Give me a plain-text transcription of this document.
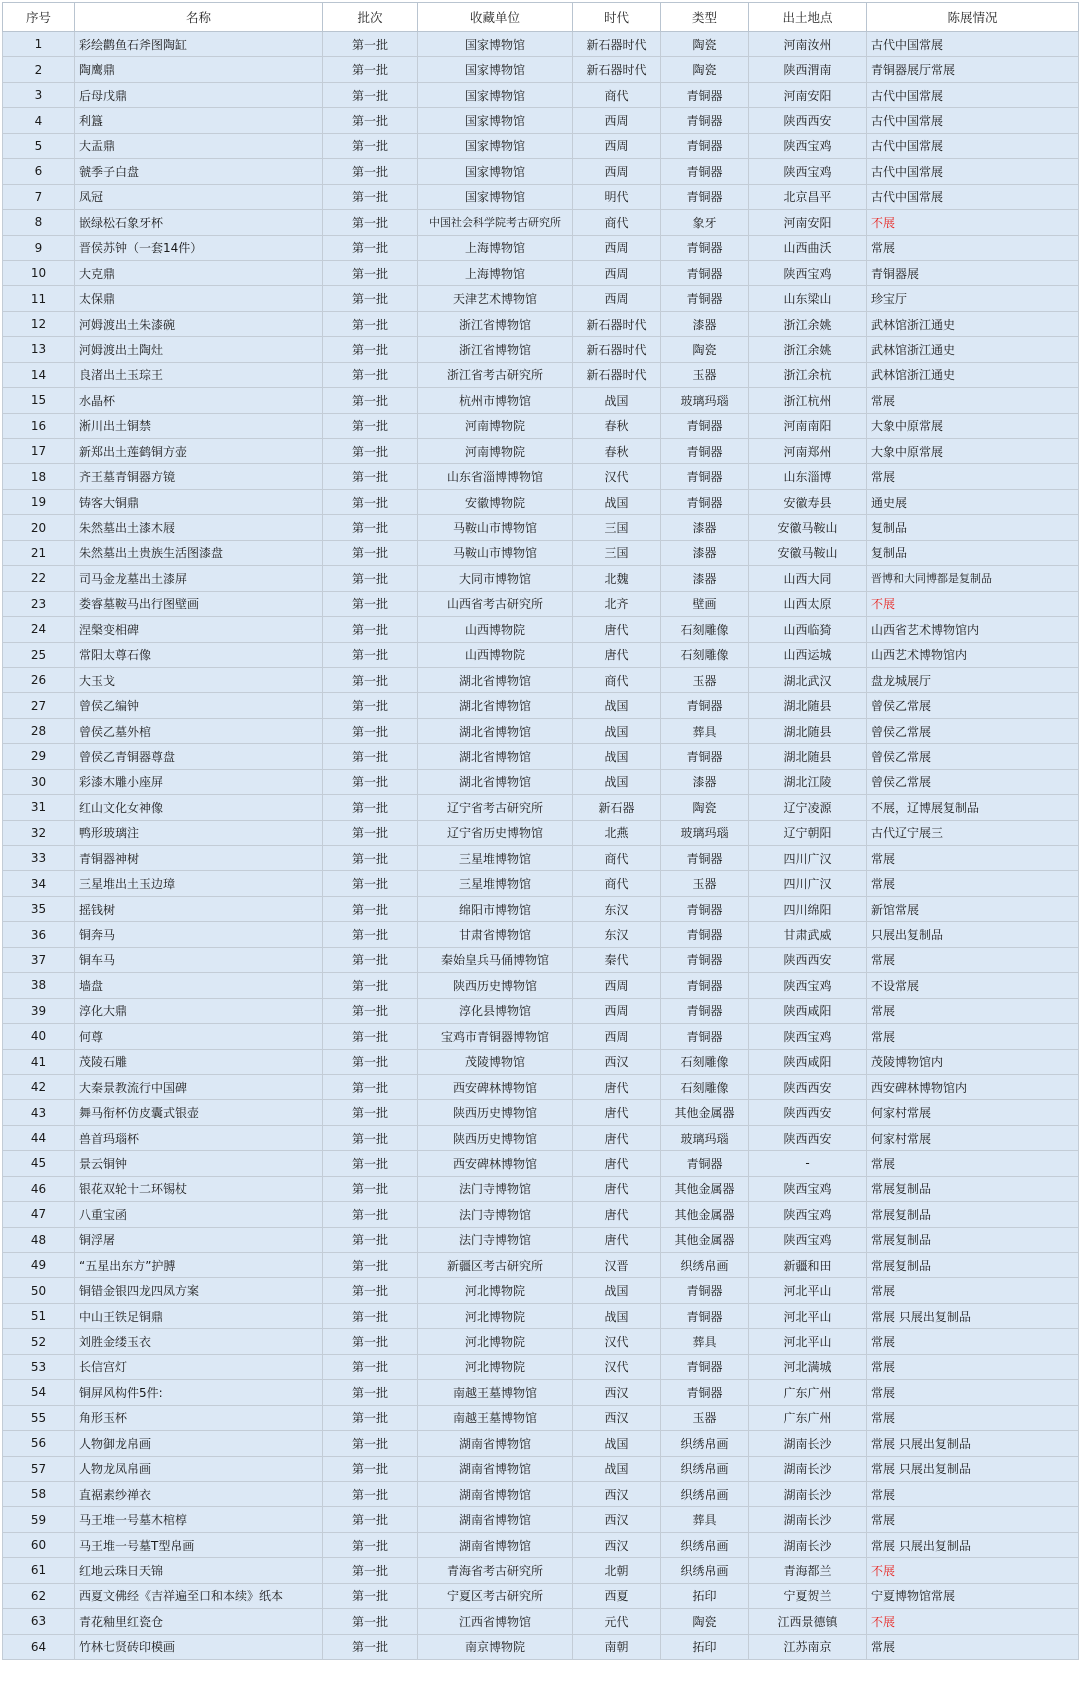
序号	名称	批次	收藏单位	时代	类型	出土地点	陈展情况
1	彩绘鹳鱼石斧图陶缸	第一批	国家博物馆	新石器时代	陶瓷	河南汝州	古代中国常展
2	陶鹰鼎	第一批	国家博物馆	新石器时代	陶瓷	陕西渭南	青铜器展厅常展
3	后母戊鼎	第一批	国家博物馆	商代	青铜器	河南安阳	古代中国常展
4	利簋	第一批	国家博物馆	西周	青铜器	陕西西安	古代中国常展
5	大盂鼎	第一批	国家博物馆	西周	青铜器	陕西宝鸡	古代中国常展
6	虢季子白盘	第一批	国家博物馆	西周	青铜器	陕西宝鸡	古代中国常展
7	凤冠	第一批	国家博物馆	明代	青铜器	北京昌平	古代中国常展
8	嵌绿松石象牙杯	第一批	中国社会科学院考古研究所	商代	象牙	河南安阳	不展
9	晋侯苏钟（一套14件）	第一批	上海博物馆	西周	青铜器	山西曲沃	常展
10	大克鼎	第一批	上海博物馆	西周	青铜器	陕西宝鸡	青铜器展
11	太保鼎	第一批	天津艺术博物馆	西周	青铜器	山东梁山	珍宝厅
12	河姆渡出土朱漆碗	第一批	浙江省博物馆	新石器时代	漆器	浙江余姚	武林馆浙江通史
13	河姆渡出土陶灶	第一批	浙江省博物馆	新石器时代	陶瓷	浙江余姚	武林馆浙江通史
14	良渚出土玉琮王	第一批	浙江省考古研究所	新石器时代	玉器	浙江余杭	武林馆浙江通史
15	水晶杯	第一批	杭州市博物馆	战国	玻璃玛瑙	浙江杭州	常展
16	淅川出土铜禁	第一批	河南博物院	春秋	青铜器	河南南阳	大象中原常展
17	新郑出土莲鹤铜方壶	第一批	河南博物院	春秋	青铜器	河南郑州	大象中原常展
18	齐王墓青铜器方镜	第一批	山东省淄博博物馆	汉代	青铜器	山东淄博	常展
19	铸客大铜鼎	第一批	安徽博物院	战国	青铜器	安徽寿县	通史展
20	朱然墓出土漆木屐	第一批	马鞍山市博物馆	三国	漆器	安徽马鞍山	复制品
21	朱然墓出土贵族生活图漆盘	第一批	马鞍山市博物馆	三国	漆器	安徽马鞍山	复制品
22	司马金龙墓出土漆屏	第一批	大同市博物馆	北魏	漆器	山西大同	晋博和大同博都是复制品
23	娄睿墓鞍马出行图壁画	第一批	山西省考古研究所	北齐	壁画	山西太原	不展
24	涅槃变相碑	第一批	山西博物院	唐代	石刻雕像	山西临猗	山西省艺术博物馆内
25	常阳太尊石像	第一批	山西博物院	唐代	石刻雕像	山西运城	山西艺术博物馆内
26	大玉戈	第一批	湖北省博物馆	商代	玉器	湖北武汉	盘龙城展厅
27	曾侯乙编钟	第一批	湖北省博物馆	战国	青铜器	湖北随县	曾侯乙常展
28	曾侯乙墓外棺	第一批	湖北省博物馆	战国	葬具	湖北随县	曾侯乙常展
29	曾侯乙青铜器尊盘	第一批	湖北省博物馆	战国	青铜器	湖北随县	曾侯乙常展
30	彩漆木雕小座屏	第一批	湖北省博物馆	战国	漆器	湖北江陵	曾侯乙常展
31	红山文化女神像	第一批	辽宁省考古研究所	新石器	陶瓷	辽宁凌源	不展，辽博展复制品
32	鸭形玻璃注	第一批	辽宁省历史博物馆	北燕	玻璃玛瑙	辽宁朝阳	古代辽宁展三
33	青铜器神树	第一批	三星堆博物馆	商代	青铜器	四川广汉	常展
34	三星堆出土玉边璋	第一批	三星堆博物馆	商代	玉器	四川广汉	常展
35	摇钱树	第一批	绵阳市博物馆	东汉	青铜器	四川绵阳	新馆常展
36	铜奔马	第一批	甘肃省博物馆	东汉	青铜器	甘肃武威	只展出复制品
37	铜车马	第一批	秦始皇兵马俑博物馆	秦代	青铜器	陕西西安	常展
38	墙盘	第一批	陕西历史博物馆	西周	青铜器	陕西宝鸡	不设常展
39	淳化大鼎	第一批	淳化县博物馆	西周	青铜器	陕西咸阳	常展
40	何尊	第一批	宝鸡市青铜器博物馆	西周	青铜器	陕西宝鸡	常展
41	茂陵石雕	第一批	茂陵博物馆	西汉	石刻雕像	陕西咸阳	茂陵博物馆内
42	大秦景教流行中国碑	第一批	西安碑林博物馆	唐代	石刻雕像	陕西西安	西安碑林博物馆内
43	舞马衔杯仿皮囊式银壶	第一批	陕西历史博物馆	唐代	其他金属器	陕西西安	何家村常展
44	兽首玛瑙杯	第一批	陕西历史博物馆	唐代	玻璃玛瑙	陕西西安	何家村常展
45	景云铜钟	第一批	西安碑林博物馆	唐代	青铜器	-	常展
46	银花双轮十二环锡杖	第一批	法门寺博物馆	唐代	其他金属器	陕西宝鸡	常展复制品
47	八重宝函	第一批	法门寺博物馆	唐代	其他金属器	陕西宝鸡	常展复制品
48	铜浮屠	第一批	法门寺博物馆	唐代	其他金属器	陕西宝鸡	常展复制品
49	“五星出东方”护膊	第一批	新疆区考古研究所	汉晋	织绣帛画	新疆和田	常展复制品
50	铜错金银四龙四凤方案	第一批	河北博物院	战国	青铜器	河北平山	常展
51	中山王铁足铜鼎	第一批	河北博物院	战国	青铜器	河北平山	常展 只展出复制品
52	刘胜金缕玉衣	第一批	河北博物院	汉代	葬具	河北平山	常展
53	长信宫灯	第一批	河北博物院	汉代	青铜器	河北满城	常展
54	铜屏风构件5件:	第一批	南越王墓博物馆	西汉	青铜器	广东广州	常展
55	角形玉杯	第一批	南越王墓博物馆	西汉	玉器	广东广州	常展
56	人物御龙帛画	第一批	湖南省博物馆	战国	织绣帛画	湖南长沙	常展 只展出复制品
57	人物龙凤帛画	第一批	湖南省博物馆	战国	织绣帛画	湖南长沙	常展 只展出复制品
58	直裾素纱禅衣	第一批	湖南省博物馆	西汉	织绣帛画	湖南长沙	常展
59	马王堆一号墓木棺椁	第一批	湖南省博物馆	西汉	葬具	湖南长沙	常展
60	马王堆一号墓T型帛画	第一批	湖南省博物馆	西汉	织绣帛画	湖南长沙	常展 只展出复制品
61	红地云珠日天锦	第一批	青海省考古研究所	北朝	织绣帛画	青海都兰	不展
62	西夏文佛经《吉祥遍至口和本续》纸本	第一批	宁夏区考古研究所	西夏	拓印	宁夏贺兰	宁夏博物馆常展
63	青花釉里红瓷仓	第一批	江西省博物馆	元代	陶瓷	江西景德镇	不展
64	竹林七贤砖印模画	第一批	南京博物院	南朝	拓印	江苏南京	常展
